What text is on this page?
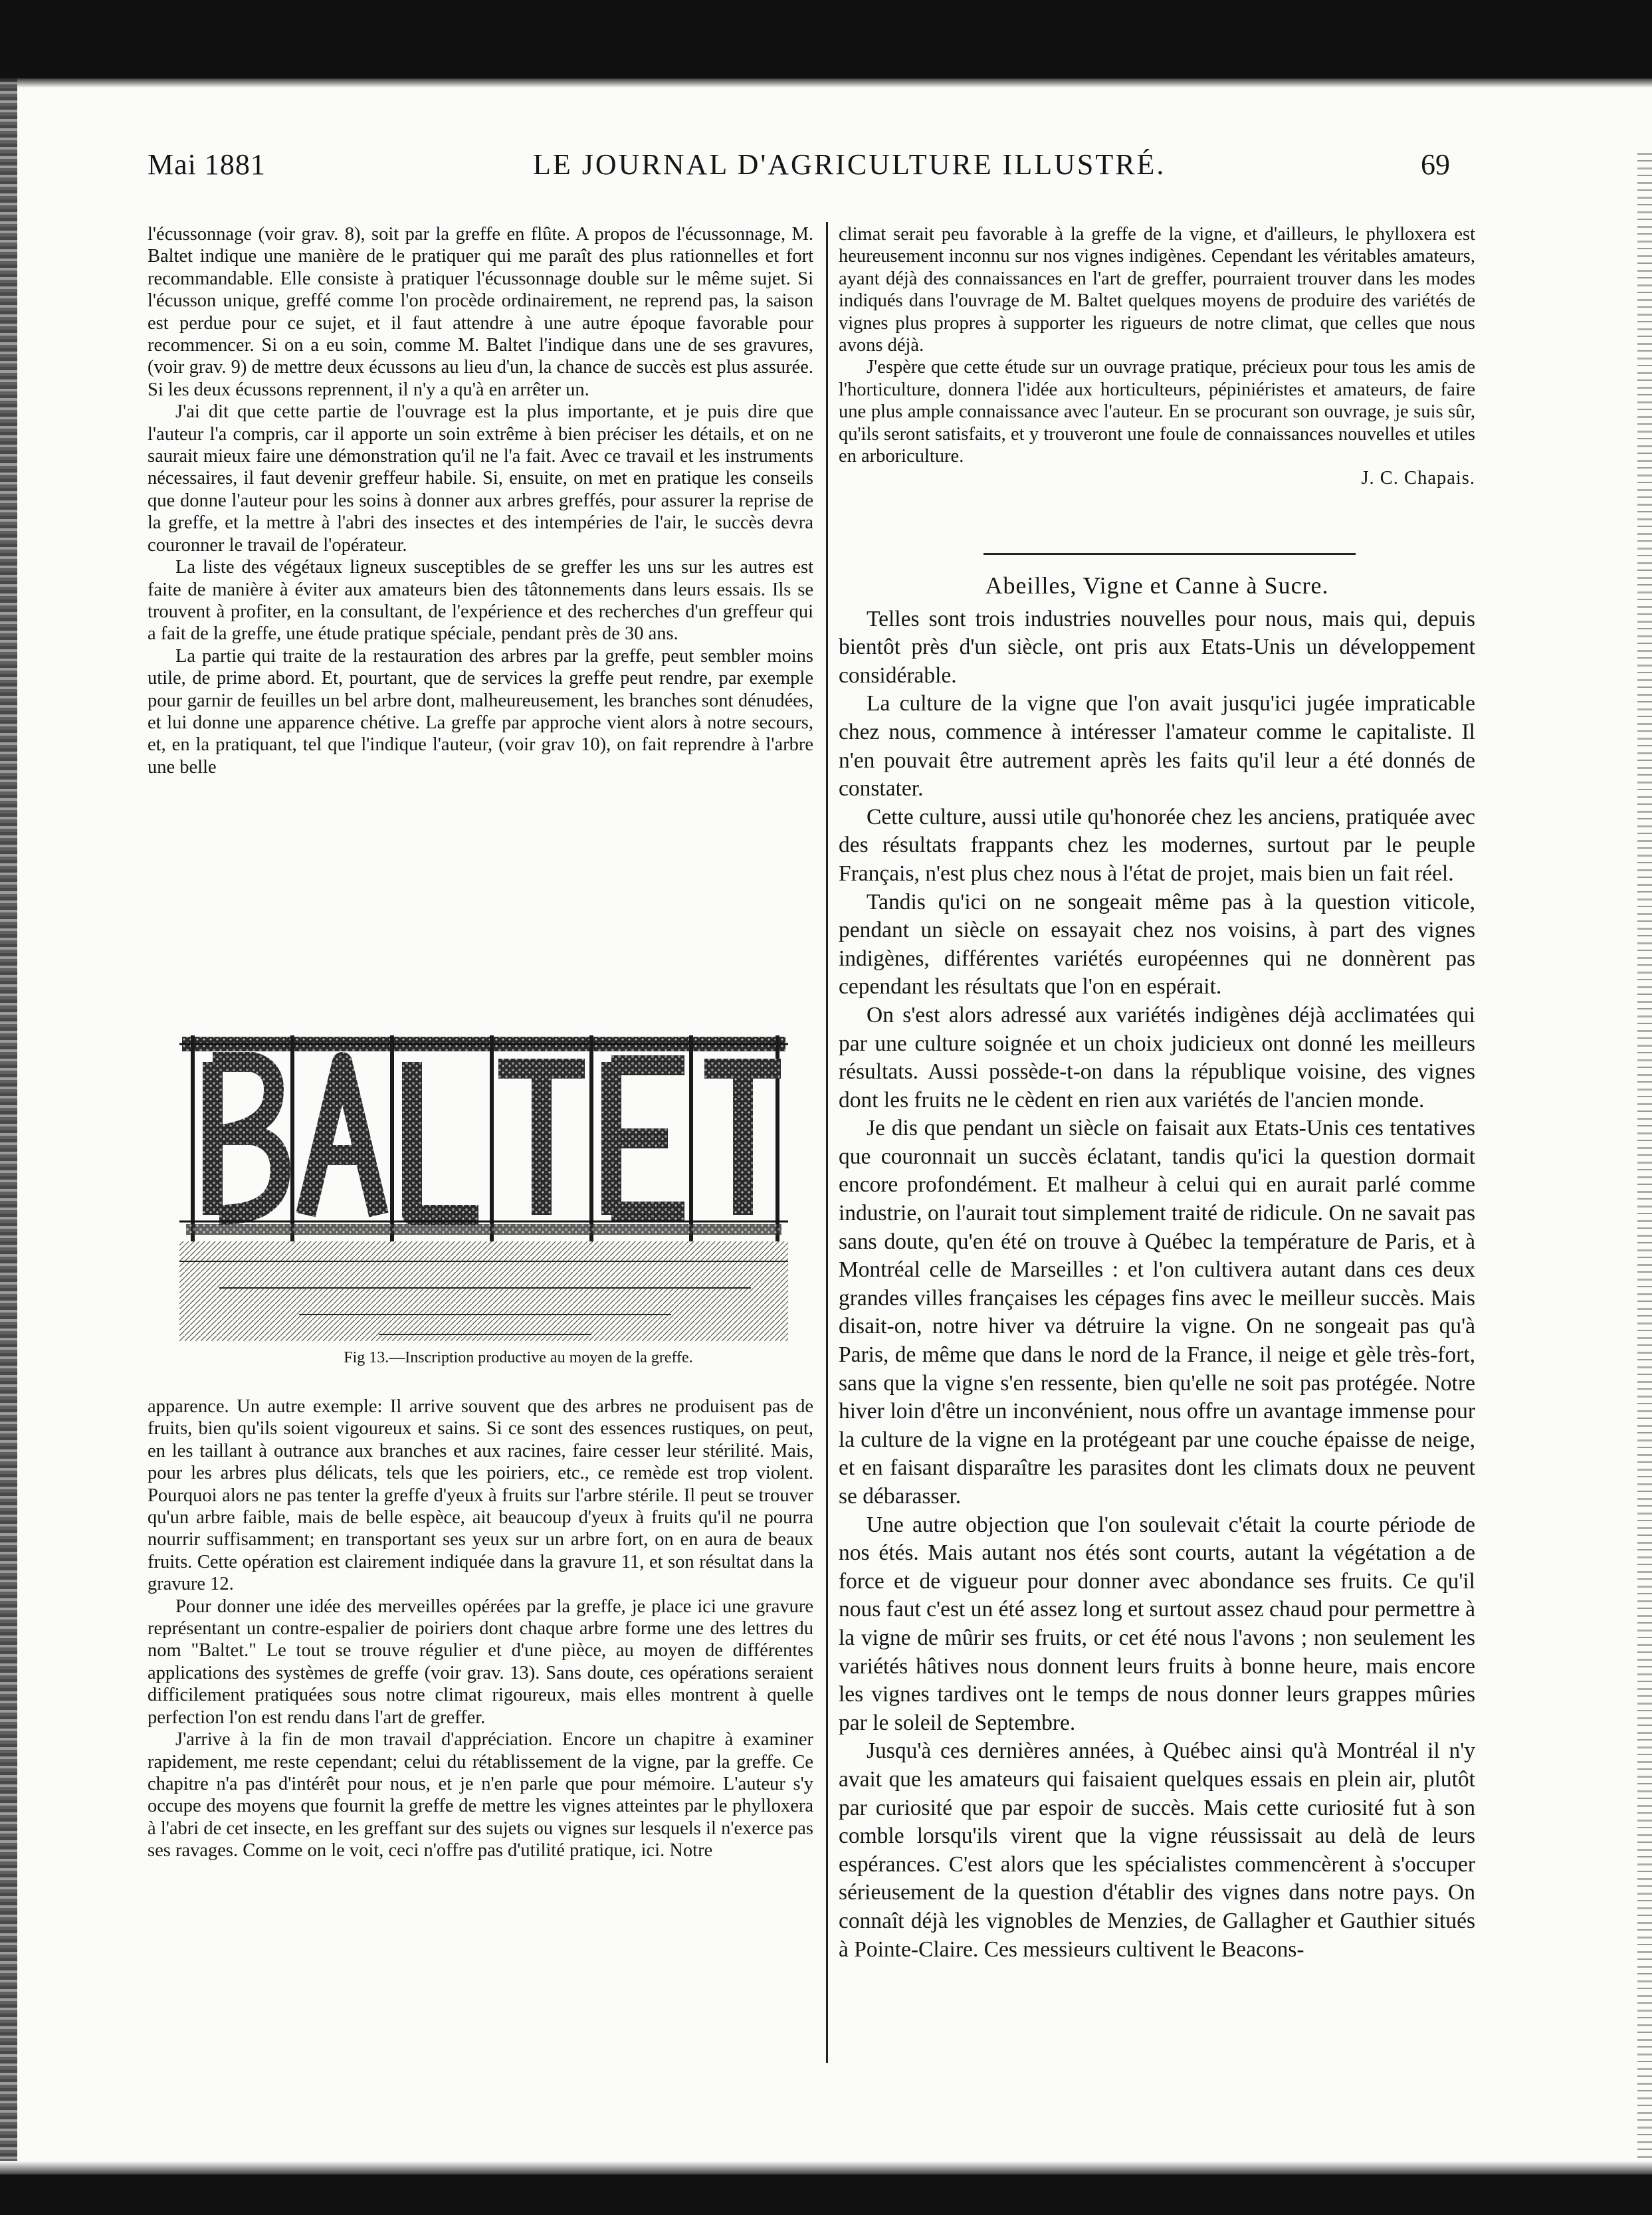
Mai 1881	LE JOURNAL D'AGRICULTURE ILLUSTRÉ.	69

l'écussonnage (voir grav. 8), soit par la greffe en flûte. A propos de l'écussonnage, M. Baltet indique une manière de le pratiquer qui me paraît des plus rationnelles et fort recommandable. Elle consiste à pratiquer l'écussonnage double sur le même sujet. Si l'écusson unique, greffé comme l'on procède ordinairement, ne reprend pas, la saison est perdue pour ce sujet, et il faut attendre à une autre époque favorable pour recommencer. Si on a eu soin, comme M. Baltet l'indique dans une de ses gravures, (voir grav. 9) de mettre deux écussons au lieu d'un, la chance de succès est plus assurée. Si les deux écussons reprennent, il n'y a qu'à en arrêter un.

J'ai dit que cette partie de l'ouvrage est la plus importante, et je puis dire que l'auteur l'a compris, car il apporte un soin extrême à bien préciser les détails, et on ne saurait mieux faire une démonstration qu'il ne l'a fait. Avec ce travail et les instruments nécessaires, il faut devenir greffeur habile. Si, ensuite, on met en pratique les conseils que donne l'auteur pour les soins à donner aux arbres greffés, pour assurer la reprise de la greffe, et la mettre à l'abri des insectes et des intempéries de l'air, le succès devra couronner le travail de l'opérateur.

La liste des végétaux ligneux susceptibles de se greffer les uns sur les autres est faite de manière à éviter aux amateurs bien des tâtonnements dans leurs essais. Ils se trouvent à profiter, en la consultant, de l'expérience et des recherches d'un greffeur qui a fait de la greffe, une étude pratique spéciale, pendant près de 30 ans.

La partie qui traite de la restauration des arbres par la greffe, peut sembler moins utile, de prime abord. Et, pourtant, que de services la greffe peut rendre, par exemple pour garnir de feuilles un bel arbre dont, malheureusement, les branches sont dénudées, et lui donne une apparence chétive. La greffe par approche vient alors à notre secours, et, en la pratiquant, tel que l'indique l'auteur, (voir grav 10), on fait reprendre à l'arbre une belle

Fig 13.—Inscription productive au moyen de la greffe.

apparence. Un autre exemple: Il arrive souvent que des arbres ne produisent pas de fruits, bien qu'ils soient vigoureux et sains. Si ce sont des essences rustiques, on peut, en les taillant à outrance aux branches et aux racines, faire cesser leur stérilité. Mais, pour les arbres plus délicats, tels que les poiriers, etc., ce remède est trop violent. Pourquoi alors ne pas tenter la greffe d'yeux à fruits sur l'arbre stérile. Il peut se trouver qu'un arbre faible, mais de belle espèce, ait beaucoup d'yeux à fruits qu'il ne pourra nourrir suffisamment; en transportant ses yeux sur un arbre fort, on en aura de beaux fruits. Cette opération est clairement indiquée dans la gravure 11, et son résultat dans la gravure 12.

Pour donner une idée des merveilles opérées par la greffe, je place ici une gravure représentant un contre-espalier de poiriers dont chaque arbre forme une des lettres du nom "Baltet." Le tout se trouve régulier et d'une pièce, au moyen de différentes applications des systèmes de greffe (voir grav. 13). Sans doute, ces opérations seraient difficilement pratiquées sous notre climat rigoureux, mais elles montrent à quelle perfection l'on est rendu dans l'art de greffer.

J'arrive à la fin de mon travail d'appréciation. Encore un chapitre à examiner rapidement, me reste cependant; celui du rétablissement de la vigne, par la greffe. Ce chapitre n'a pas d'intérêt pour nous, et je n'en parle que pour mémoire. L'auteur s'y occupe des moyens que fournit la greffe de mettre les vignes atteintes par le phylloxera à l'abri de cet insecte, en les greffant sur des sujets ou vignes sur lesquels il n'exerce pas ses ravages. Comme on le voit, ceci n'offre pas d'utilité pratique, ici. Notre

climat serait peu favorable à la greffe de la vigne, et d'ailleurs, le phylloxera est heureusement inconnu sur nos vignes indigènes. Cependant les véritables amateurs, ayant déjà des connaissances en l'art de greffer, pourraient trouver dans les modes indiqués dans l'ouvrage de M. Baltet quelques moyens de produire des variétés de vignes plus propres à supporter les rigueurs de notre climat, que celles que nous avons déjà.

J'espère que cette étude sur un ouvrage pratique, précieux pour tous les amis de l'horticulture, donnera l'idée aux horticulteurs, pépiniéristes et amateurs, de faire une plus ample connaissance avec l'auteur. En se procurant son ouvrage, je suis sûr, qu'ils seront satisfaits, et y trouveront une foule de connaissances nouvelles et utiles en arboriculture.

J. C. Chapais.

Abeilles, Vigne et Canne à Sucre.

Telles sont trois industries nouvelles pour nous, mais qui, depuis bientôt près d'un siècle, ont pris aux Etats-Unis un développement considérable.

La culture de la vigne que l'on avait jusqu'ici jugée impraticable chez nous, commence à intéresser l'amateur comme le capitaliste. Il n'en pouvait être autrement après les faits qu'il leur a été donnés de constater.

Cette culture, aussi utile qu'honorée chez les anciens, pratiquée avec des résultats frappants chez les modernes, surtout par le peuple Français, n'est plus chez nous à l'état de projet, mais bien un fait réel.

Tandis qu'ici on ne songeait même pas à la question viticole, pendant un siècle on essayait chez nos voisins, à part des vignes indigènes, différentes variétés européennes qui ne donnèrent pas cependant les résultats que l'on en espérait.

On s'est alors adressé aux variétés indigènes déjà acclimatées qui par une culture soignée et un choix judicieux ont donné les meilleurs résultats. Aussi possède-t-on dans la république voisine, des vignes dont les fruits ne le cèdent en rien aux variétés de l'ancien monde.

Je dis que pendant un siècle on faisait aux Etats-Unis ces tentatives que couronnait un succès éclatant, tandis qu'ici la question dormait encore profondément. Et malheur à celui qui en aurait parlé comme industrie, on l'aurait tout simplement traité de ridicule. On ne savait pas sans doute, qu'en été on trouve à Québec la température de Paris, et à Montréal celle de Marseilles : et l'on cultivera autant dans ces deux grandes villes françaises les cépages fins avec le meilleur succès. Mais disait-on, notre hiver va détruire la vigne. On ne songeait pas qu'à Paris, de même que dans le nord de la France, il neige et gèle très-fort, sans que la vigne s'en ressente, bien qu'elle ne soit pas protégée. Notre hiver loin d'être un inconvénient, nous offre un avantage immense pour la culture de la vigne en la protégeant par une couche épaisse de neige, et en faisant disparaître les parasites dont les climats doux ne peuvent se débarasser.

Une autre objection que l'on soulevait c'était la courte période de nos étés. Mais autant nos étés sont courts, autant la végétation a de force et de vigueur pour donner avec abondance ses fruits. Ce qu'il nous faut c'est un été assez long et surtout assez chaud pour permettre à la vigne de mûrir ses fruits, or cet été nous l'avons ; non seulement les variétés hâtives nous donnent leurs fruits à bonne heure, mais encore les vignes tardives ont le temps de nous donner leurs grappes mûries par le soleil de Septembre.

Jusqu'à ces dernières années, à Québec ainsi qu'à Montréal il n'y avait que les amateurs qui faisaient quelques essais en plein air, plutôt par curiosité que par espoir de succès. Mais cette curiosité fut à son comble lorsqu'ils virent que la vigne réussissait au delà de leurs espérances. C'est alors que les spécialistes commencèrent à s'occuper sérieusement de la question d'établir des vignes dans notre pays. On connaît déjà les vignobles de Menzies, de Gallagher et Gauthier situés à Pointe-Claire. Ces messieurs cultivent le Beacons-
